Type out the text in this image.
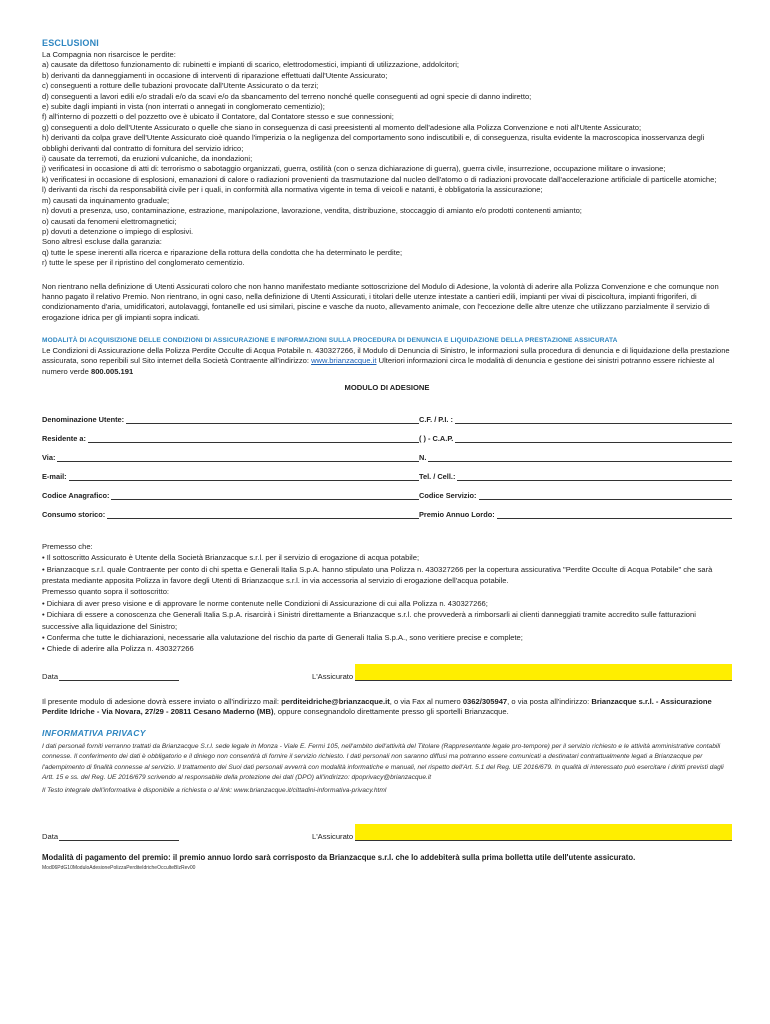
ESCLUSIONI
La Compagnia non risarcisce le perdite:
a) causate da difettoso funzionamento di: rubinetti e impianti di scarico, elettrodomestici, impianti di utilizzazione, addolcitori;
b) derivanti da danneggiamenti in occasione di interventi di riparazione effettuati dall'Utente Assicurato;
c) conseguenti a rotture delle tubazioni provocate dall'Utente Assicurato o da terzi;
d) conseguenti a lavori edili e/o stradali e/o da scavi e/o da sbancamento del terreno nonché quelle conseguenti ad ogni specie di danno indiretto;
e) subite dagli impianti in vista (non interrati o annegati in conglomerato cementizio);
f) all'interno di pozzetti o del pozzetto ove è ubicato il Contatore, dal Contatore stesso e sue connessioni;
g) conseguenti a dolo dell'Utente Assicurato o quelle che siano in conseguenza di casi preesistenti al momento dell'adesione alla Polizza Convenzione e noti all'Utente Assicurato;
h) derivanti da colpa grave dell'Utente Assicurato cioè quando l'imperizia o la negligenza del comportamento sono indiscutibili e, di conseguenza, risulta evidente la macroscopica inosservanza degli obblighi derivanti dal contratto di fornitura del servizio idrico;
i) causate da terremoti, da eruzioni vulcaniche, da inondazioni;
j) verificatesi in occasione di atti di: terrorismo o sabotaggio organizzati, guerra, ostilità (con o senza dichiarazione di guerra), guerra civile, insurrezione, occupazione militare o invasione;
k) verificatesi in occasione di esplosioni, emanazioni di calore o radiazioni provenienti da trasmutazione dal nucleo dell'atomo o di radiazioni provocate dall'accelerazione artificiale di particelle atomiche;
l) derivanti da rischi da responsabilità civile per i quali, in conformità alla normativa vigente in tema di veicoli e natanti, è obbligatoria la assicurazione;
m) causati da inquinamento graduale;
n) dovuti a presenza, uso, contaminazione, estrazione, manipolazione, lavorazione, vendita, distribuzione, stoccaggio di amianto e/o prodotti contenenti amianto;
o) causati da fenomeni elettromagnetici;
p) dovuti a detenzione o impiego di esplosivi.
Sono altresì escluse dalla garanzia:
q) tutte le spese inerenti alla ricerca e riparazione della rottura della condotta che ha determinato le perdite;
r) tutte le spese per il ripristino del conglomerato cementizio.

Non rientrano nella definizione di Utenti Assicurati coloro che non hanno manifestato mediante sottoscrizione del Modulo di Adesione, la volontà di aderire alla Polizza Convenzione e che comunque non hanno pagato il relativo Premio. Non rientrano, in ogni caso, nella definizione di Utenti Assicurati, i titolari delle utenze intestate a cantieri edili, impianti per vivai di piscicoltura, impianti frigoriferi, di condizionamento d'aria, umidificatori, autolavaggi, fontanelle ed usi similari, piscine e vasche da nuoto, allevamento animale, con l'eccezione delle altre utenze che utilizzano parzialmente il servizio di erogazione idrica per gli impianti sopra indicati.

MODALITÀ DI ACQUISIZIONE DELLE CONDIZIONI DI ASSICURAZIONE E INFORMAZIONI SULLA PROCEDURA DI DENUNCIA E LIQUIDAZIONE DELLA PRESTAZIONE ASSICURATA

Le Condizioni di Assicurazione della Polizza Perdite Occulte di Acqua Potabile n. 430327266, il Modulo di Denuncia di Sinistro, le informazioni sulla procedura di denuncia e di liquidazione della prestazione assicurata, sono reperibili sul Sito internet della Società Contraente all'indirizzo: www.brianzacque.it Ulteriori informazioni circa le modalità di denuncia e gestione dei sinistri potranno essere richieste al numero verde 800.005.191

MODULO DI ADESIONE
Denominazione Utente:	C.F. / P.I. :
Residente a:	( ) - C.A.P.
Via:	N.
E-mail:	Tel. / Cell.:
Codice Anagrafico:	Codice Servizio:
Consumo storico:	Premio Annuo Lordo:

Premesso che:

• Il sottoscritto Assicurato è Utente della Società Brianzacque s.r.l. per il servizio di erogazione di acqua potabile;

• Brianzacque s.r.l. quale Contraente per conto di chi spetta e Generali Italia S.p.A. hanno stipulato una Polizza n. 430327266 per la copertura assicurativa "Perdite Occulte di Acqua Potabile" che sarà prestata mediante apposita Polizza in favore degli Utenti di Brianzacque s.r.l. in via accessoria al servizio di erogazione dell'acqua potabile.

Premesso quanto sopra il sottoscritto:

• Dichiara di aver preso visione e di approvare le norme contenute nelle Condizioni di Assicurazione di cui alla Polizza n. 430327266;

• Dichiara di essere a conoscenza che Generali Italia S.p.A. risarcirà i Sinistri direttamente a Brianzacque s.r.l. che provvederà a rimborsarli ai clienti danneggiati tramite accredito sulle fatturazioni successive alla liquidazione del Sinistro;

• Conferma che tutte le dichiarazioni, necessarie alla valutazione del rischio da parte di Generali Italia S.p.A., sono veritiere precise e complete;

• Chiede di aderire alla Polizza n. 430327266

Data	L'Assicurato
Il presente modulo di adesione dovrà essere inviato o all'indirizzo mail: perditeidriche@brianzacque.it, o via Fax al numero 0362/305947, o via posta all'indirizzo: Brianzacque s.r.l. - Assicurazione Perdite Idriche - Via Novara, 27/29 - 20811 Cesano Maderno (MB), oppure consegnandolo direttamente presso gli sportelli Brianzacque.
INFORMATIVA PRIVACY

I dati personali forniti verranno trattati da Brianzacque S.r.l. sede legale in Monza - Viale E. Fermi 105, nell'ambito dell'attività del Titolare (Rappresentante legale pro-tempore) per il servizio richiesto e le attività amministrative contabili connesse. Il conferimento dei dati è obbligatorio e il diniego non consentirà di fornire il servizio richiesto. I dati personali non saranno diffusi ma potranno essere comunicati a destinatari contrattualmente legati a Brianzacque per l'adempimento di finalità connesse al servizio. Il trattamento dei Suoi dati personali avverrà con modalità informatiche e manuali, nel rispetto dell'Art. 5.1 del Reg. UE 2016/679. In qualità di interessato può esercitare i diritti previsti dagli Artt. 15 e ss. del Reg. UE 2016/679 scrivendo al responsabile della protezione dei dati (DPO) all'indirizzo: dpoprivacy@brianzacque.it

Il Testo integrale dell'informativa è disponibile a richiesta o al link: www.brianzacque.it/cittadini-informativa-privacy.html

Data	L'Assicurato
Modalità di pagamento del premio: il premio annuo lordo sarà corrisposto da Brianzacque s.r.l. che lo addebiterà sulla prima bolletta utile dell'utente assicurato.
Mod06PdG10ModuloAdesionePolizzaPerditeIdricheOcculteBlzRev00
